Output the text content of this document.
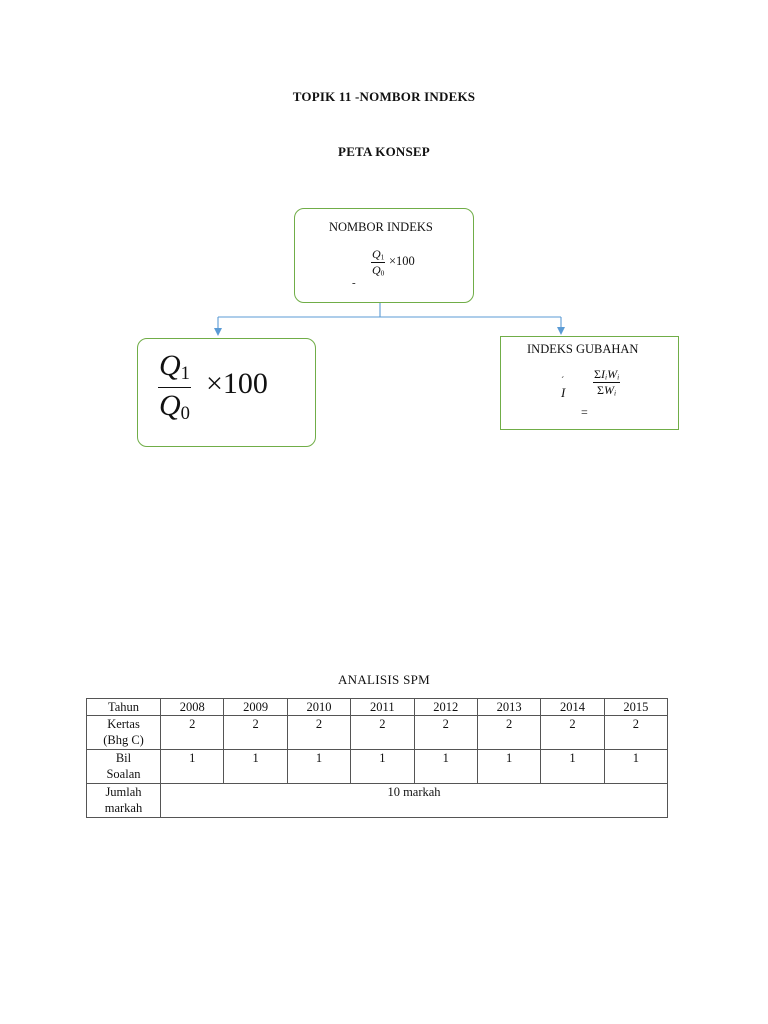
TOPIK 11 -NOMBOR INDEKS
PETA KONSEP
NOMBOR INDEKS
$\frac{Q_1}{Q_0} \times 100$
-
$\frac{Q_1}{Q_0} \times 100$
INDEKS GUBAHAN
ˊ
I
ΣIiWi
ΣWi
=
ANALISIS SPM
Tahun	2008	2009	2010	2011	2012	2013	2014	2015
Kertas
(Bhg C)	2	2	2	2	2	2	2	2
Bil
Soalan	1	1	1	1	1	1	1	1
Jumlah
markah	10 markah							
